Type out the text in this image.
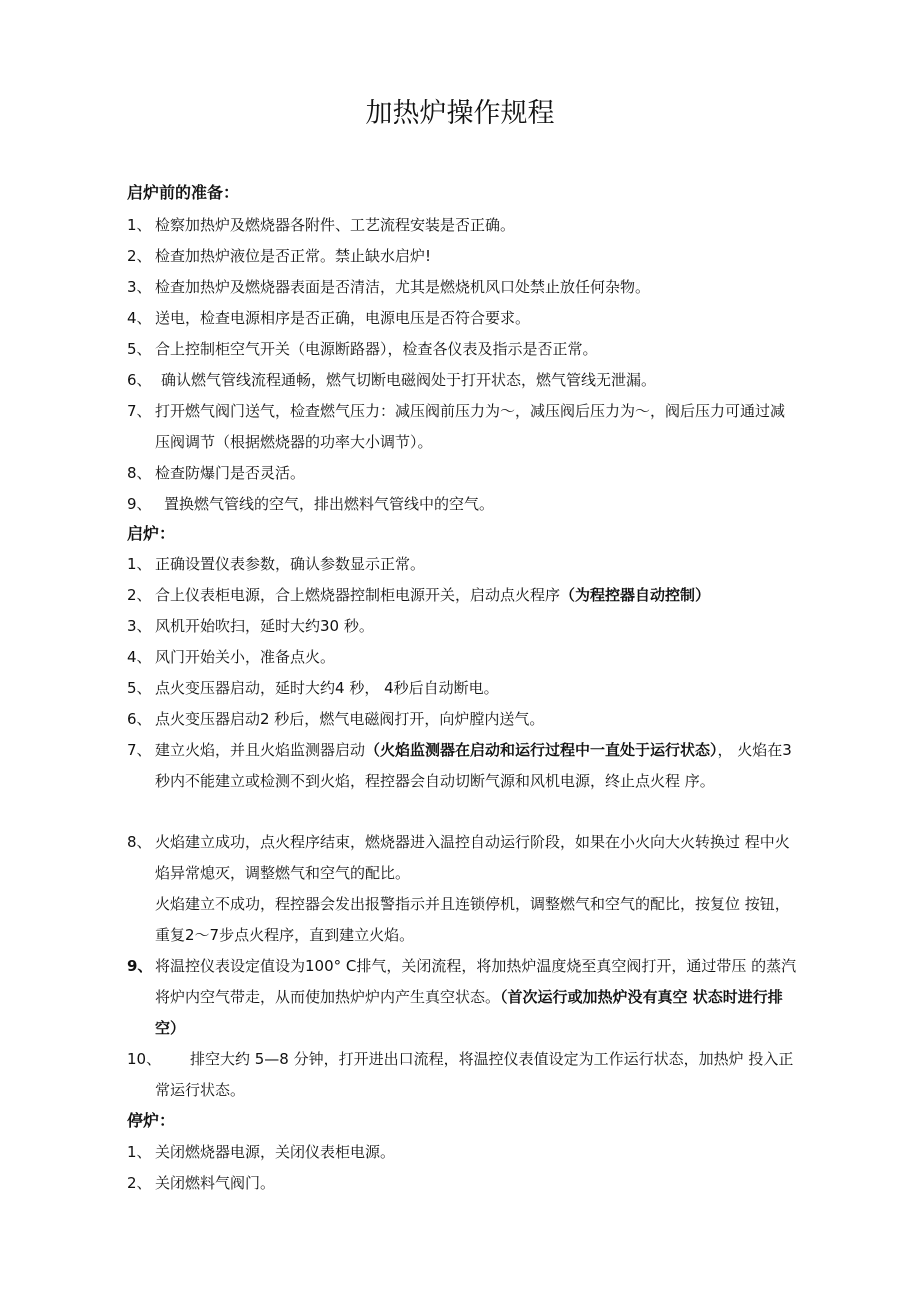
加热炉操作规程
启炉前的准备：
1、 检察加热炉及燃烧器各附件、工艺流程安装是否正确。
2、 检查加热炉液位是否正常。禁止缺水启炉!
3、 检查加热炉及燃烧器表面是否清洁，尤其是燃烧机风口处禁止放任何杂物。
4、 送电，检查电源相序是否正确，电源电压是否符合要求。
5、 合上控制柜空气开关（电源断路器），检查各仪表及指示是否正常。
6、 确认燃气管线流程通畅，燃气切断电磁阀处于打开状态，燃气管线无泄漏。
7、 打开燃气阀门送气，检查燃气压力：减压阀前压力为～，减压阀后压力为～，阀后压力可通过减压阀调节（根据燃烧器的功率大小调节）。
8、 检查防爆门是否灵活。
9、 置换燃气管线的空气，排出燃料气管线中的空气。
启炉：
1、 正确设置仪表参数，确认参数显示正常。
2、 合上仪表柜电源，合上燃烧器控制柜电源开关，启动点火程序（为程控器自动控制）
3、 风机开始吹扫，延时大约30 秒。
4、 风门开始关小，准备点火。
5、 点火变压器启动，延时大约4 秒， 4秒后自动断电。
6、 点火变压器启动2 秒后，燃气电磁阀打开，向炉膛内送气。
7、 建立火焰，并且火焰监测器启动（火焰监测器在启动和运行过程中一直处于运行状态）， 火焰在3 秒内不能建立或检测不到火焰，程控器会自动切断气源和风机电源，终止点火程 序。
8、 火焰建立成功，点火程序结束，燃烧器进入温控自动运行阶段，如果在小火向大火转换过 程中火焰异常熄灭，调整燃气和空气的配比。
火焰建立不成功，程控器会发出报警指示并且连锁停机，调整燃气和空气的配比，按复位 按钮，重复2～7步点火程序，直到建立火焰。
9、 将温控仪表设定值设为100° C排气，关闭流程，将加热炉温度烧至真空阀打开，通过带压 的蒸汽将炉内空气带走，从而使加热炉炉内产生真空状态。（首次运行或加热炉没有真空 状态时进行排空）
10、	排空大约 5—8 分钟，打开进出口流程，将温控仪表值设定为工作运行状态，加热炉 投入正常运行状态。
停炉：
1、 关闭燃烧器电源，关闭仪表柜电源。
2、 关闭燃料气阀门。
